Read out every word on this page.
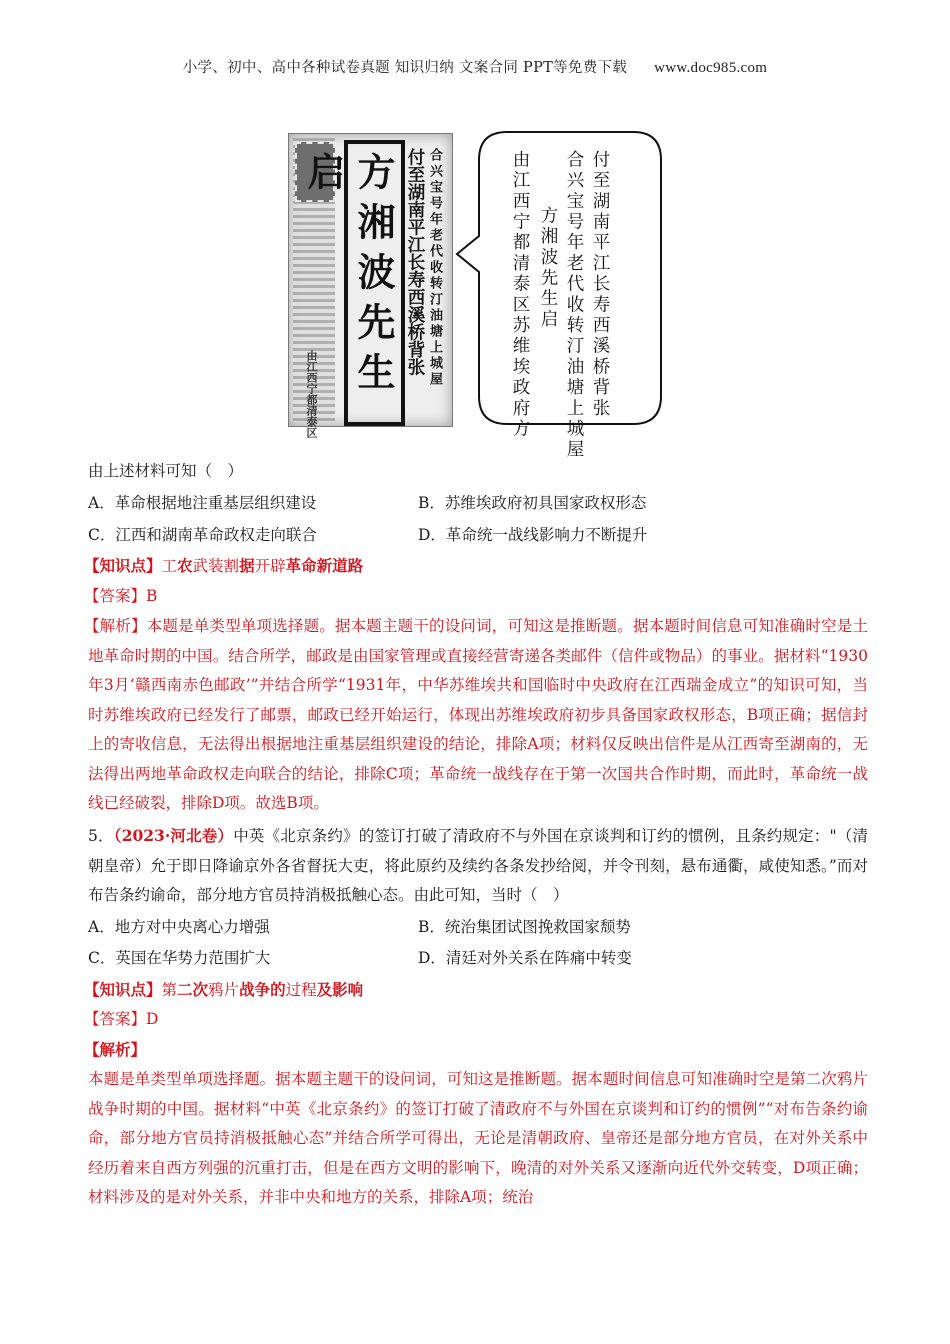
小学、初中、高中各种试卷真题 知识归纳 文案合同 PPT等免费下载 www.doc985.com
由江西宁都清泰区 方湘波先生启	付至湖南平江长寿西溪桥背张 合兴宝号年老代收转汀油塘上城屋	付至湖南平江长寿西溪桥背张
合兴宝号年老代收转汀油塘上城屋
方湘波先生启
由江西宁都清泰区苏维埃政府方
由上述材料可知（　）
A．革命根据地注重基层组织建设	B．苏维埃政府初具国家政权形态
C．江西和湖南革命政权走向联合	D．革命统一战线影响力不断提升
【知识点】工农武装割据开辟革命新道路
【答案】B
【解析】本题是单类型单项选择题。据本题主题干的设问词，可知这是推断题。据本题时间信息可知准确时空是土地革命时期的中国。结合所学，邮政是由国家管理或直接经营寄递各类邮件（信件或物品）的事业。据材料“1930年3月‘赣西南赤色邮政’”并结合所学“1931年，中华苏维埃共和国临时中央政府在江西瑞金成立”的知识可知，当时苏维埃政府已经发行了邮票，邮政已经开始运行，体现出苏维埃政府初步具备国家政权形态，B项正确；据信封上的寄收信息，无法得出根据地注重基层组织建设的结论，排除A项；材料仅反映出信件是从江西寄至湖南的，无法得出两地革命政权走向联合的结论，排除C项；革命统一战线存在于第一次国共合作时期，而此时，革命统一战线已经破裂，排除D项。故选B项。
5．（2023·河北卷）中英《北京条约》的签订打破了清政府不与外国在京谈判和订约的惯例，且条约规定："（清朝皇帝）允于即日降谕京外各省督抚大吏，将此原约及续约各条发抄给阅，并令刊刻，悬布通衢，咸使知悉。”而对布告条约谕命，部分地方官员持消极抵触心态。由此可知，当时（　）
A．地方对中央离心力增强	B．统治集团试图挽救国家颓势
C．英国在华势力范围扩大	D．清廷对外关系在阵痛中转变
【知识点】第二次鸦片战争的过程及影响
【答案】D
【解析】
本题是单类型单项选择题。据本题主题干的设问词，可知这是推断题。据本题时间信息可知准确时空是第二次鸦片战争时期的中国。据材料“中英《北京条约》的签订打破了清政府不与外国在京谈判和订约的惯例”“对布告条约谕命，部分地方官员持消极抵触心态”并结合所学可得出，无论是清朝政府、皇帝还是部分地方官员，在对外关系中经历着来自西方列强的沉重打击，但是在西方文明的影响下，晚清的对外关系又逐渐向近代外交转变，D项正确；材料涉及的是对外关系，并非中央和地方的关系，排除A项；统治
